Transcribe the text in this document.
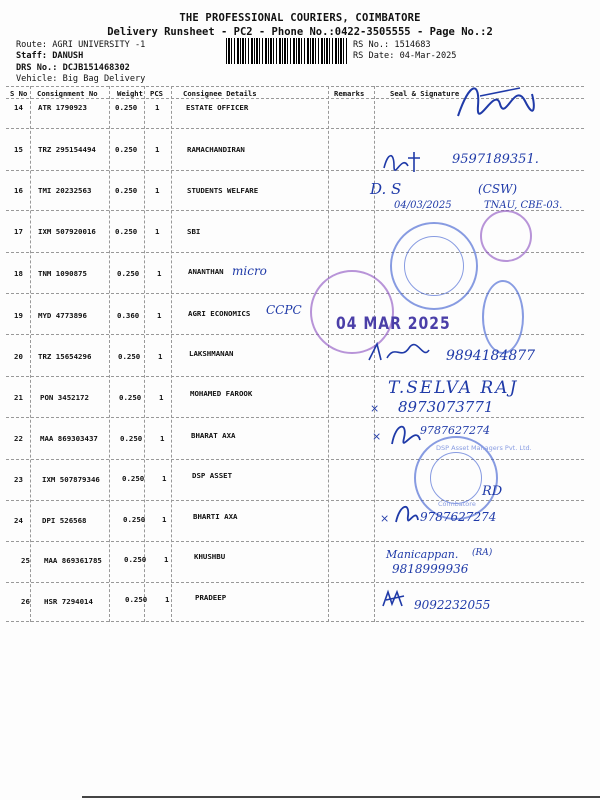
THE PROFESSIONAL COURIERS, COIMBATORE
Delivery Runsheet - PC2 - Phone No.:0422-3505555 - Page No.:2
Route: AGRI UNIVERSITY -1
Staff: DANUSH
DRS No.: DCJB151468302
Vehicle: Big Bag Delivery
RS No.: 1514683
RS Date: 04-Mar-2025
S No Consignment No	Weight PCS	Consignee Details	Remarks	Seal & Signature
14 ATR 1790923	0.250 1	ESTATE OFFICER
15 TRZ 295154494	0.250 1	RAMACHANDIRAN
16 TMI 20232563	0.250 1	STUDENTS WELFARE
17 IXM 507920016	0.250 1	SBI
18 TNM 1090875	0.250 1	ANANTHAN
19 MYD 4773896	0.360 1	AGRI ECONOMICS
20 TRZ 15654296	0.250 1	LAKSHMANAN
21 PON 3452172	0.250 1	MOHAMED FAROOK
22 MAA 869303437	0.250 1	BHARAT AXA
23	IXM 507879346	0.250 1	DSP ASSET
24	DPI 526568	0.250 1	BHARTI AXA
25 MAA 869361785	0.250 1	KHUSHBU
26 HSR 7294014	0.250 1	PRADEEP
9597189351.
D. S	(CSW)
04/03/2025	TNAU, CBE-03.
micro
CCPC
04 MAR 2025
9894184877
×
T.SELVA RAJ
8973073771
×	9787627274
DSP Asset Managers Pvt. Ltd.
Coimbatore
RD
×	9787627274
Manicappan. (RA)
9818999936
9092232055
